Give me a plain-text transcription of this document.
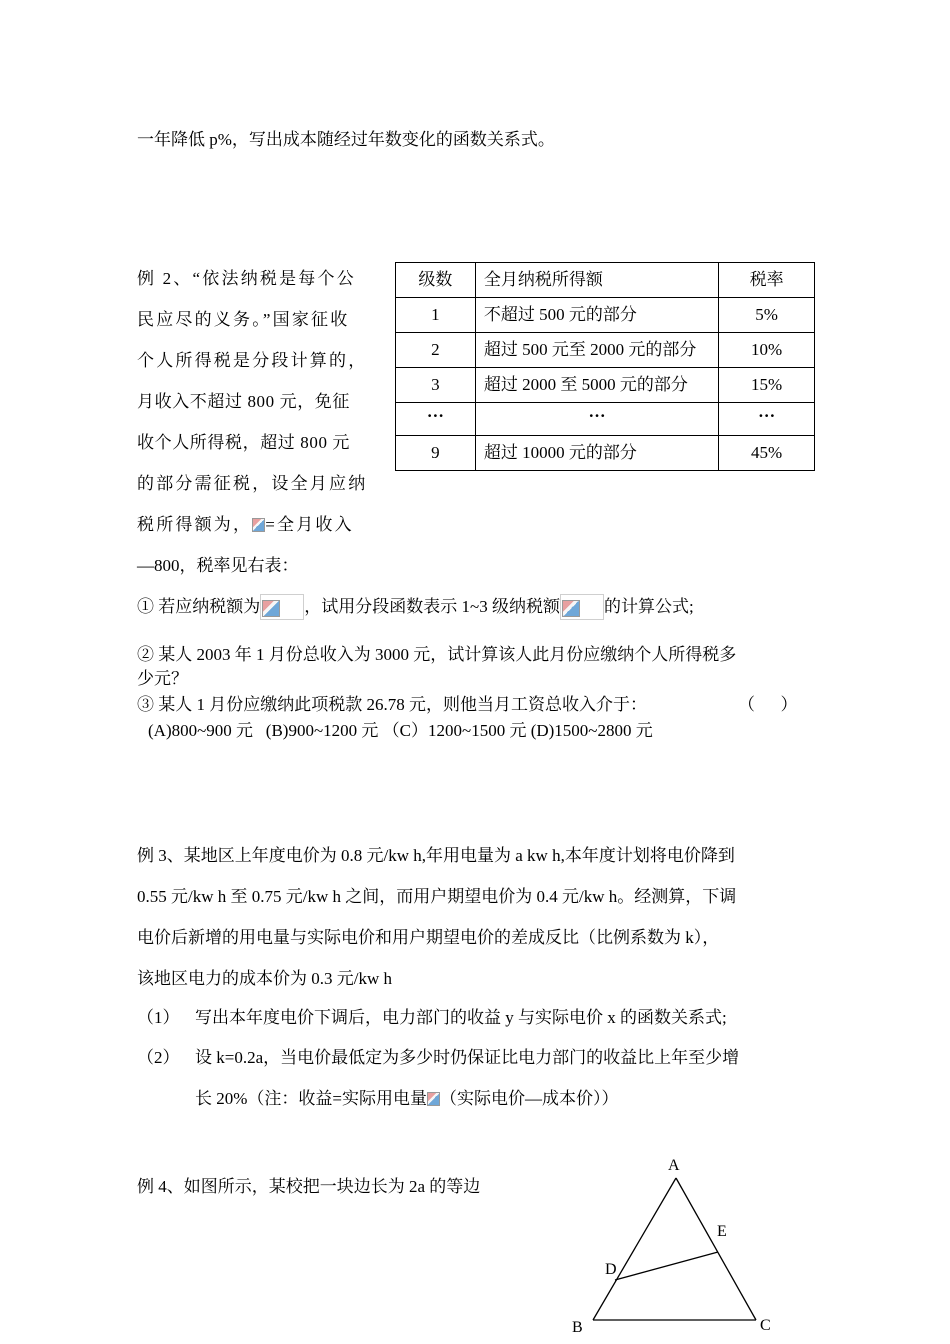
一年降低 p%，写出成本随经过年数变化的函数关系式。
例 2、“依法纳税是每个公
民应尽的义务。”国家征收
个人所得税是分段计算的，
月收入不超过 800 元，免征
收个人所得税，超过 800 元
的部分需征税，设全月应纳
税所得额为， =全月收入
—800，税率见右表：
级数	全月纳税所得额	税率
1	不超过 500 元的部分	5%
2	超过 500 元至 2000 元的部分	10%
3	超过 2000 至 5000 元的部分	15%
…	…	…
9	超过 10000 元的部分	45%
① 若应纳税额为	，试用分段函数表示 1~3 级纳税额	的计算公式;
② 某人 2003 年 1 月份总收入为 3000 元，试计算该人此月份应缴纳个人所得税多
少元？
③ 某人 1 月份应缴纳此项税款 26.78 元，则他当月工资总收入介于：	（      ）
(A)800~900 元   (B)900~1200 元 （C）1200~1500 元 (D)1500~2800 元
例 3、某地区上年度电价为 0.8 元/kw h,年用电量为 a kw h,本年度计划将电价降到
0.55 元/kw h 至 0.75 元/kw h 之间，而用户期望电价为 0.4 元/kw h。经测算，下调
电价后新增的用电量与实际电价和用户期望电价的差成反比（比例系数为 k），
该地区电力的成本价为 0.3 元/kw h
（1） 写出本年度电价下调后，电力部门的收益 y 与实际电价 x 的函数关系式;
（2） 设 k=0.2a，当电价最低定为多少时仍保证比电力部门的收益比上年至少增
长 20%（注：收益=实际用电量 （实际电价—成本价））
例 4、如图所示，某校把一块边长为 2a 的等边
A
B	C
D
E
